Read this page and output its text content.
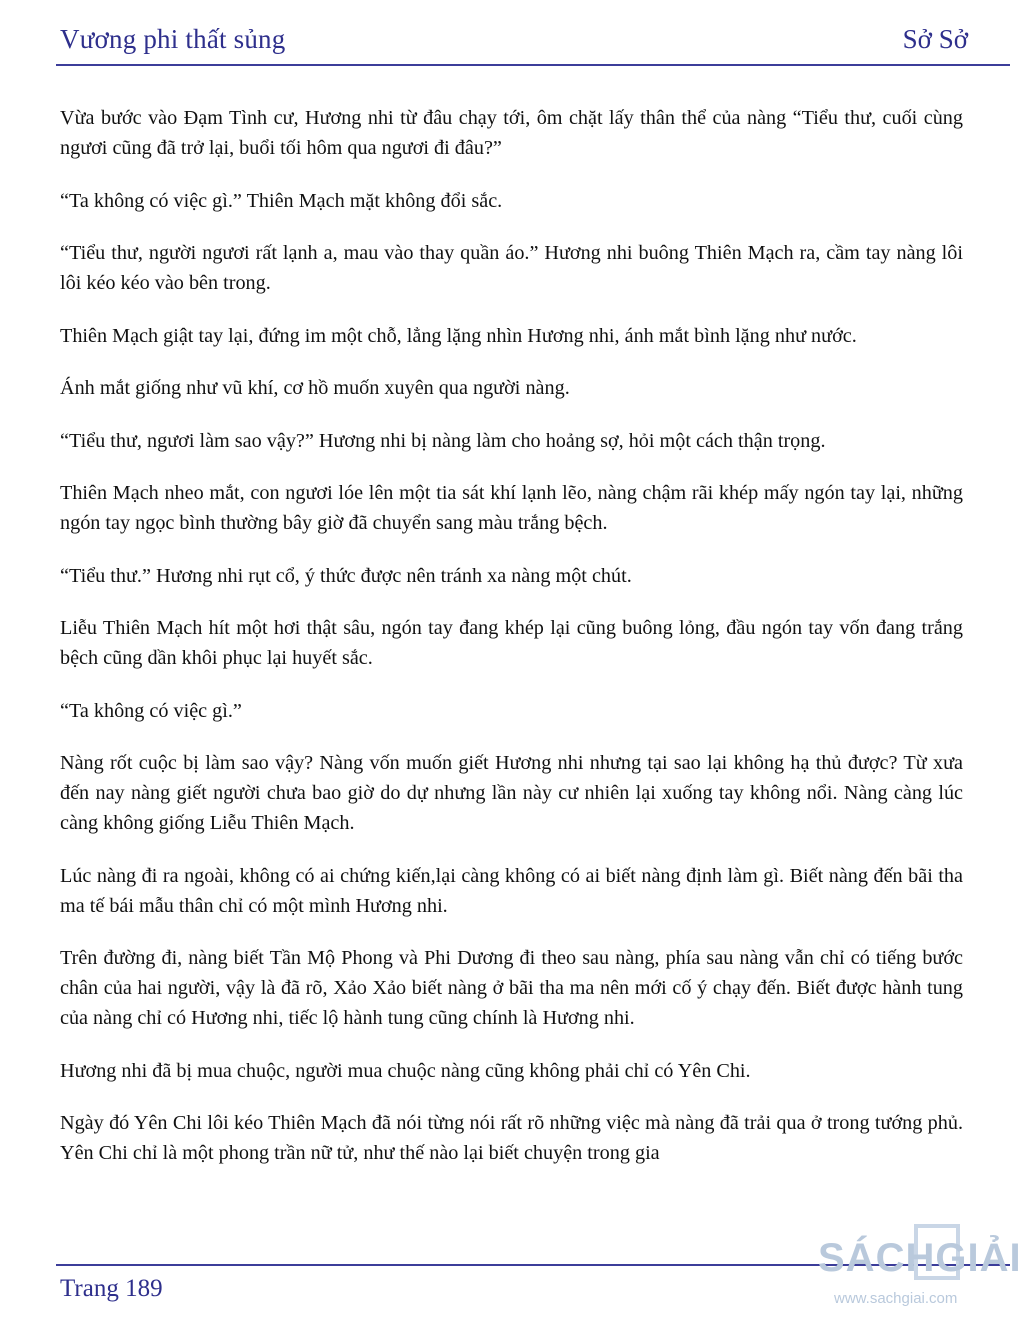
Vương phi thất sủng	Sở Sở

Vừa bước vào Đạm Tình cư, Hương nhi từ đâu chạy tới, ôm chặt lấy thân thể của nàng “Tiểu thư, cuối cùng ngươi cũng đã trở lại, buổi tối hôm qua ngươi đi đâu?”

“Ta không có việc gì.” Thiên Mạch mặt không đổi sắc.

“Tiểu thư, người ngươi rất lạnh a, mau vào thay quần áo.” Hương nhi buông Thiên Mạch ra, cầm tay nàng lôi lôi kéo kéo vào bên trong.

Thiên Mạch giật tay lại, đứng im một chỗ, lẳng lặng nhìn Hương nhi, ánh mắt bình lặng như nước.

Ánh mắt giống như vũ khí, cơ hồ muốn xuyên qua người nàng.

“Tiểu thư, ngươi làm sao vậy?” Hương nhi bị nàng làm cho hoảng sợ, hỏi một cách thận trọng.

Thiên Mạch nheo mắt, con ngươi lóe lên một tia sát khí lạnh lẽo, nàng chậm rãi khép mấy ngón tay lại, những ngón tay ngọc bình thường bây giờ đã chuyển sang màu trắng bệch.

“Tiểu thư.” Hương nhi rụt cổ, ý thức được nên tránh xa nàng một chút.

Liễu Thiên Mạch hít một hơi thật sâu, ngón tay đang khép lại cũng buông lỏng, đầu ngón tay vốn đang trắng bệch cũng dần khôi phục lại huyết sắc.

“Ta không có việc gì.”

Nàng rốt cuộc bị làm sao vậy? Nàng vốn muốn giết Hương nhi nhưng tại sao lại không hạ thủ được? Từ xưa đến nay nàng giết người chưa bao giờ do dự nhưng lần này cư nhiên lại xuống tay không nổi. Nàng càng lúc càng không giống Liễu Thiên Mạch.

Lúc nàng đi ra ngoài, không có ai chứng kiến,lại càng không có ai biết nàng định làm gì. Biết nàng đến bãi tha ma tế bái mẫu thân chỉ có một mình Hương nhi.

Trên đường đi, nàng biết Tần Mộ Phong và Phi Dương đi theo sau nàng, phía sau nàng vẫn chỉ có tiếng bước chân của hai người, vậy là đã rõ, Xảo Xảo biết nàng ở bãi tha ma nên mới cố ý chạy đến. Biết được hành tung của nàng chỉ có Hương nhi, tiếc lộ hành tung cũng chính là Hương nhi.

Hương nhi đã bị mua chuộc, người mua chuộc nàng cũng không phải chỉ có Yên Chi.

Ngày đó Yên Chi lôi kéo Thiên Mạch đã nói từng nói rất rõ những việc mà nàng đã trải qua ở trong tướng phủ. Yên Chi chỉ là một phong trần nữ tử, như thế nào lại biết chuyện trong gia

Trang 189
SÁCHGIẢI
www.sachgiai.com
